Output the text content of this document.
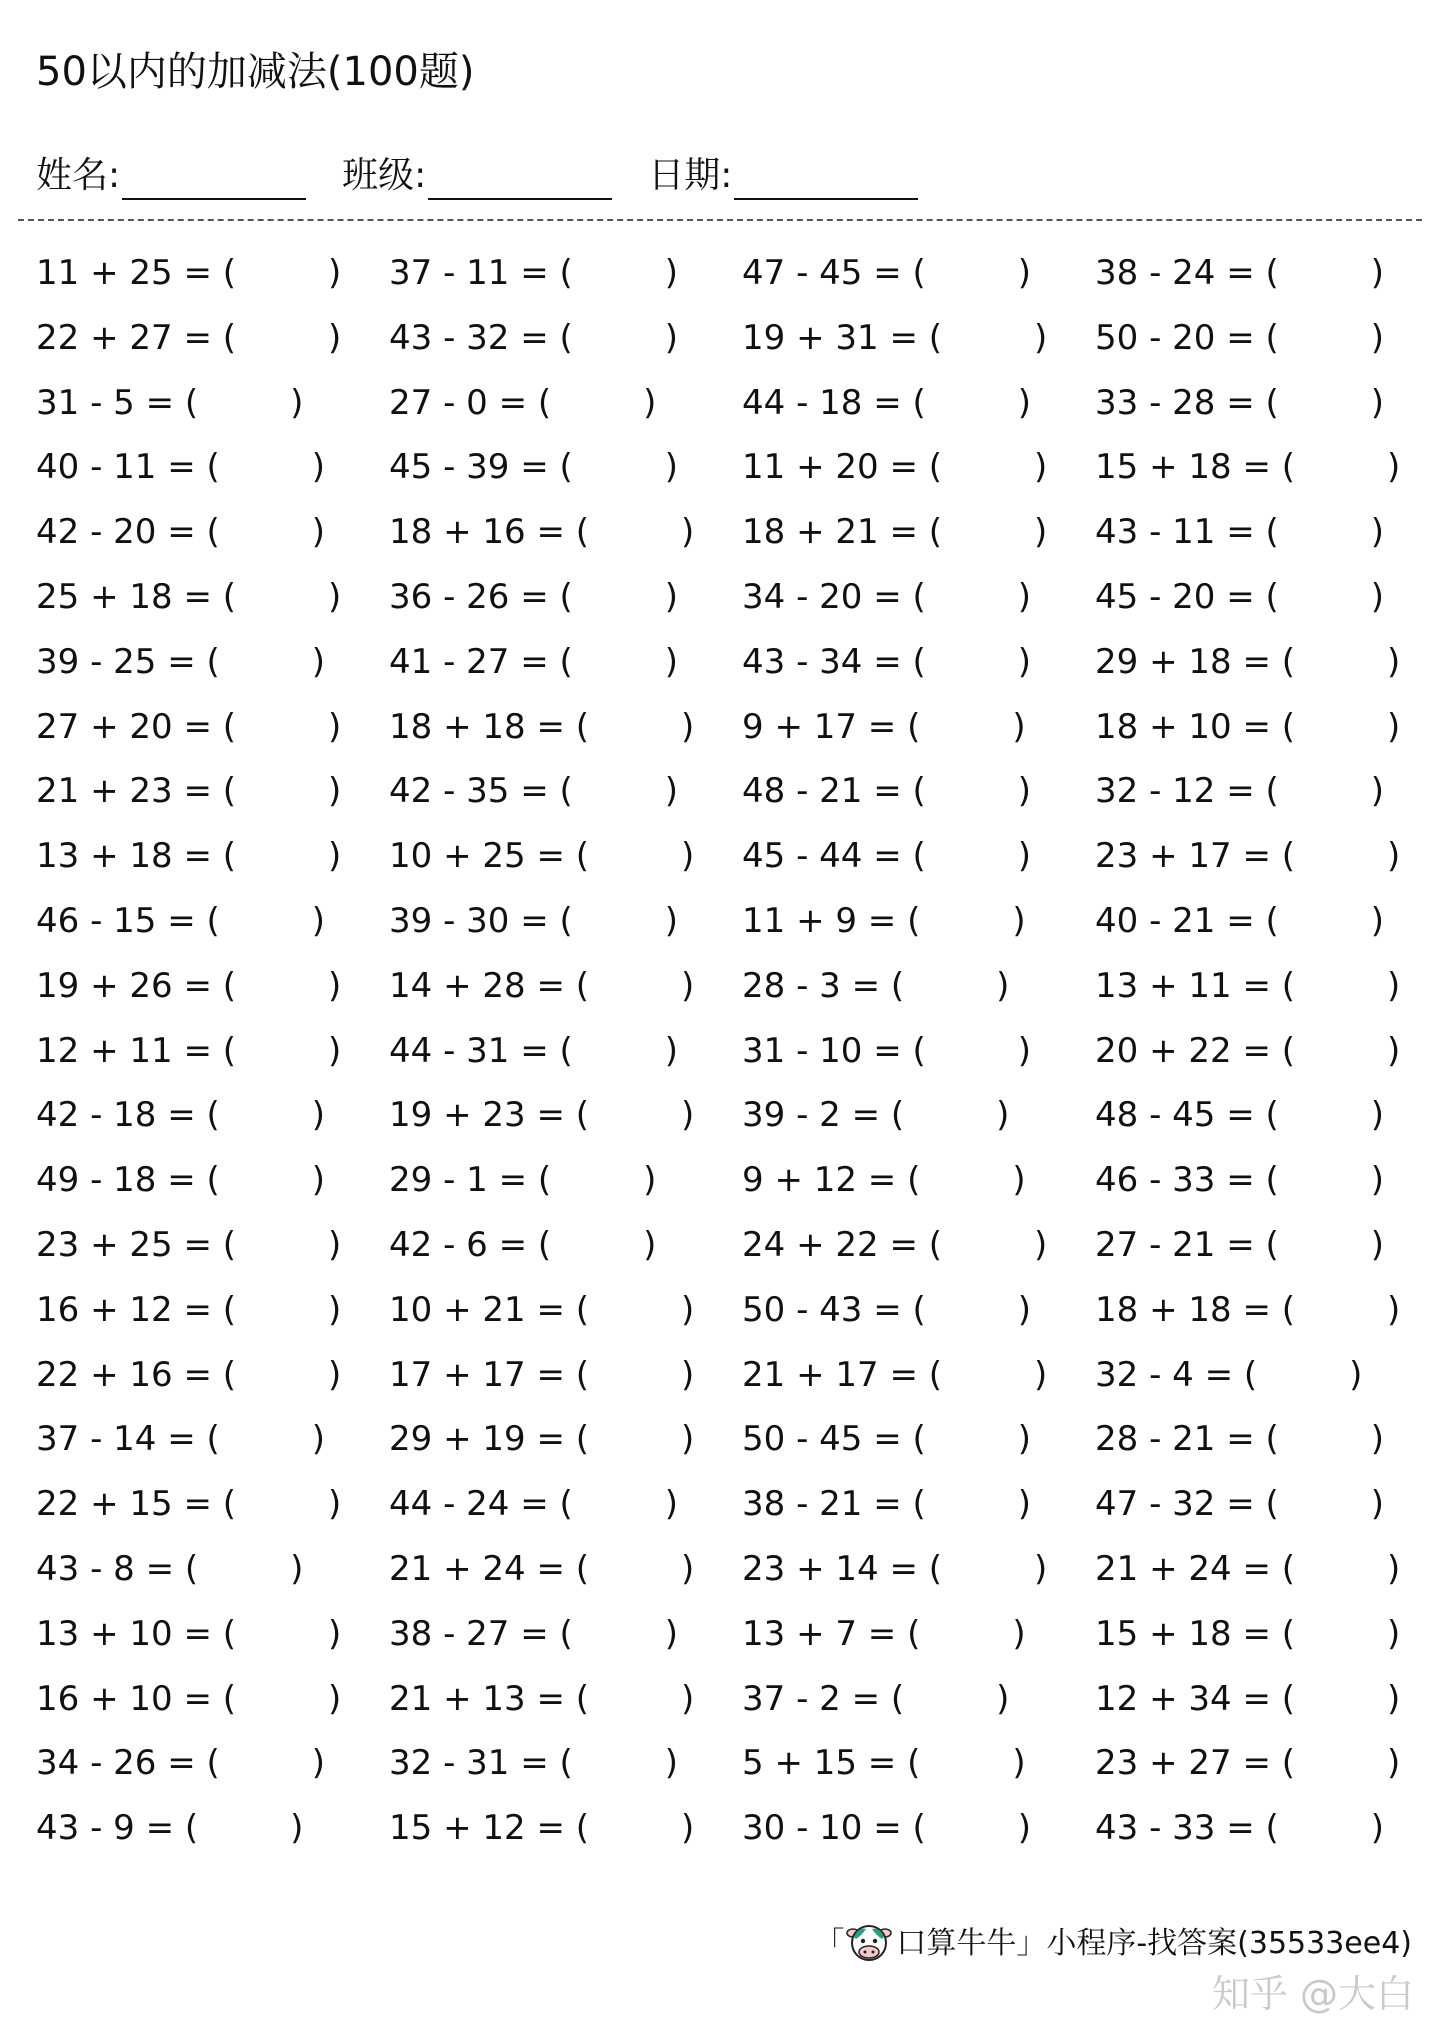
50以内的加减法(100题)
姓名:	班级:	日期:
11 + 25 = (	)	37 - 11 = (	)	47 - 45 = (	)	38 - 24 = (	)
22 + 27 = (	)	43 - 32 = (	)	19 + 31 = (	)	50 - 20 = (	)
31 - 5 = (	)	27 - 0 = (	)	44 - 18 = (	)	33 - 28 = (	)
40 - 11 = (	)	45 - 39 = (	)	11 + 20 = (	)	15 + 18 = (	)
42 - 20 = (	)	18 + 16 = (	)	18 + 21 = (	)	43 - 11 = (	)
25 + 18 = (	)	36 - 26 = (	)	34 - 20 = (	)	45 - 20 = (	)
39 - 25 = (	)	41 - 27 = (	)	43 - 34 = (	)	29 + 18 = (	)
27 + 20 = (	)	18 + 18 = (	)	9 + 17 = (	)	18 + 10 = (	)
21 + 23 = (	)	42 - 35 = (	)	48 - 21 = (	)	32 - 12 = (	)
13 + 18 = (	)	10 + 25 = (	)	45 - 44 = (	)	23 + 17 = (	)
46 - 15 = (	)	39 - 30 = (	)	11 + 9 = (	)	40 - 21 = (	)
19 + 26 = (	)	14 + 28 = (	)	28 - 3 = (	)	13 + 11 = (	)
12 + 11 = (	)	44 - 31 = (	)	31 - 10 = (	)	20 + 22 = (	)
42 - 18 = (	)	19 + 23 = (	)	39 - 2 = (	)	48 - 45 = (	)
49 - 18 = (	)	29 - 1 = (	)	9 + 12 = (	)	46 - 33 = (	)
23 + 25 = (	)	42 - 6 = (	)	24 + 22 = (	)	27 - 21 = (	)
16 + 12 = (	)	10 + 21 = (	)	50 - 43 = (	)	18 + 18 = (	)
22 + 16 = (	)	17 + 17 = (	)	21 + 17 = (	)	32 - 4 = (	)
37 - 14 = (	)	29 + 19 = (	)	50 - 45 = (	)	28 - 21 = (	)
22 + 15 = (	)	44 - 24 = (	)	38 - 21 = (	)	47 - 32 = (	)
43 - 8 = (	)	21 + 24 = (	)	23 + 14 = (	)	21 + 24 = (	)
13 + 10 = (	)	38 - 27 = (	)	13 + 7 = (	)	15 + 18 = (	)
16 + 10 = (	)	21 + 13 = (	)	37 - 2 = (	)	12 + 34 = (	)
34 - 26 = (	)	32 - 31 = (	)	5 + 15 = (	)	23 + 27 = (	)
43 - 9 = (	)	15 + 12 = (	)	30 - 10 = (	)	43 - 33 = (	)
「 口算牛牛」小程序-找答案(35533ee4)
知乎 @大白
